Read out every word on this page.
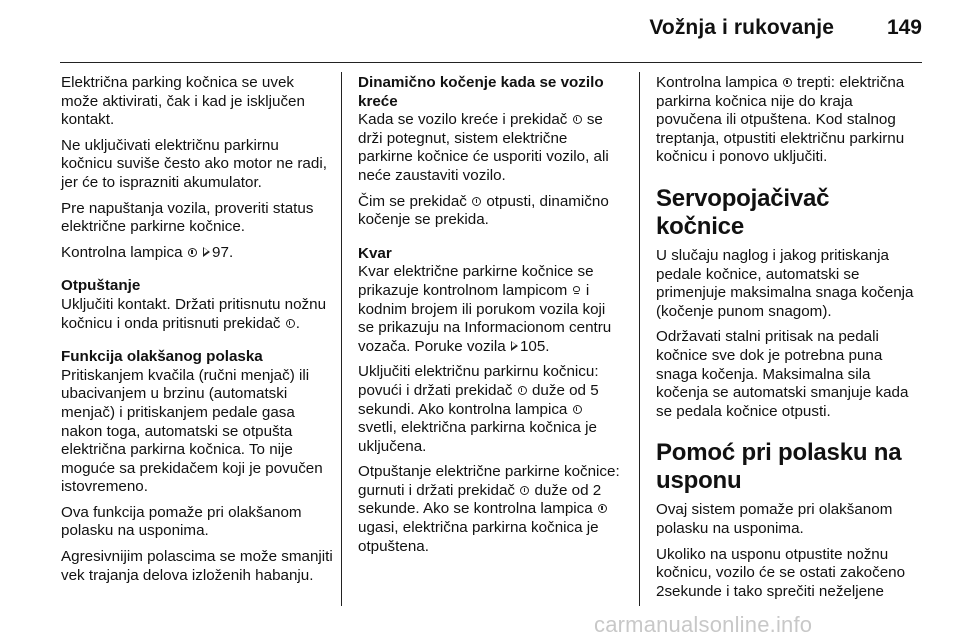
Vožnja i rukovanje	149

Električna parking kočnica se uvek može aktivirati, čak i kad je isključen kontakt.

Ne uključivati električnu parkirnu kočnicu suviše često ako motor ne radi, jer će to isprazniti akumulator.

Pre napuštanja vozila, proveriti status električne parkirne kočnice.

Kontrolna lampica 97.

Otpuštanje

Uključiti kontakt. Držati pritisnutu nožnu kočnicu i onda pritisnuti prekidač .

Funkcija olakšanog polaska

Pritiskanjem kvačila (ručni menjač) ili ubacivanjem u brzinu (automatski menjač) i pritiskanjem pedale gasa nakon toga, automatski se otpušta električna parkirna kočnica. To nije moguće sa prekidačem koji je povučen istovremeno.

Ova funkcija pomaže pri olakšanom polasku na usponima.

Agresivnijim polascima se može smanjiti vek trajanja delova izloženih habanju.

Dinamično kočenje kada se vozilo kreće

Kada se vozilo kreće i prekidač se drži potegnut, sistem električne parkirne kočnice će usporiti vozilo, ali neće zaustaviti vozilo.

Čim se prekidač otpusti, dinamično kočenje se prekida.

Kvar

Kvar električne parkirne kočnice se prikazuje kontrolnom lampicom i kodnim brojem ili porukom vozila koji se prikazuju na Informacionom centru vozača. Poruke vozila 105.

Uključiti električnu parkirnu kočnicu: povući i držati prekidač duže od 5 sekundi. Ako kontrolna lampica  svetli, električna parkirna kočnica je uključena.

Otpuštanje električne parkirne kočnice: gurnuti i držati prekidač duže od 2 sekunde. Ako se kontrolna lampica  ugasi, električna parkirna kočnica je otpuštena.

Kontrolna lampica trepti: električna parkirna kočnica nije do kraja povučena ili otpuštena. Kod stalnog treptanja, otpustiti električnu parkirnu kočnicu i ponovo uključiti.

Servopojačivač kočnice

U slučaju naglog i jakog pritiskanja pedale kočnice, automatski se primenjuje maksimalna snaga kočenja (kočenje punom snagom).

Održavati stalni pritisak na pedali kočnice sve dok je potrebna puna snaga kočenja. Maksimalna sila kočenja se automatski smanjuje kada se pedala kočnice otpusti.

Pomoć pri polasku na usponu

Ovaj sistem pomaže pri olakšanom polasku na usponima.

Ukoliko na usponu otpustite nožnu kočnicu, vozilo će se ostati zakočeno 2sekunde i tako sprečiti neželjene

carmanualsonline.info
